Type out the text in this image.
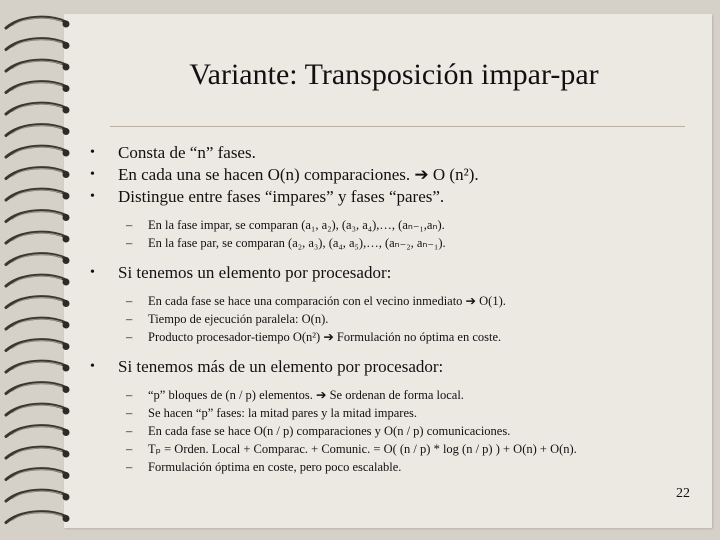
Variante: Transposición impar-par
• Consta de “n” fases.
• En cada una se hacen O(n) comparaciones. ➔ O (n²).
• Distingue entre fases “impares” y fases “pares”.
– En la fase impar, se comparan (a₁, a₂), (a₃, a₄),…, (aₙ₋₁,aₙ).
– En la fase par, se comparan (a₂, a₃), (a₄, a₅),…, (aₙ₋₂, aₙ₋₁).
• Si tenemos un elemento por procesador:
– En cada fase se hace una comparación con el vecino inmediato ➔ O(1).
– Tiempo de ejecución paralela: O(n).
– Producto procesador-tiempo O(n²) ➔ Formulación no óptima en coste.
• Si tenemos más de un elemento por procesador:
– “p” bloques de (n / p) elementos. ➔ Se ordenan de forma local.
– Se hacen “p” fases: la mitad pares y la mitad impares.
– En cada fase se hace O(n / p) comparaciones y O(n / p) comunicaciones.
– Tₚ = Orden. Local + Comparac. + Comunic. = O( (n / p) * log (n / p) ) + O(n) + O(n).
– Formulación óptima en coste, pero poco escalable.
22
